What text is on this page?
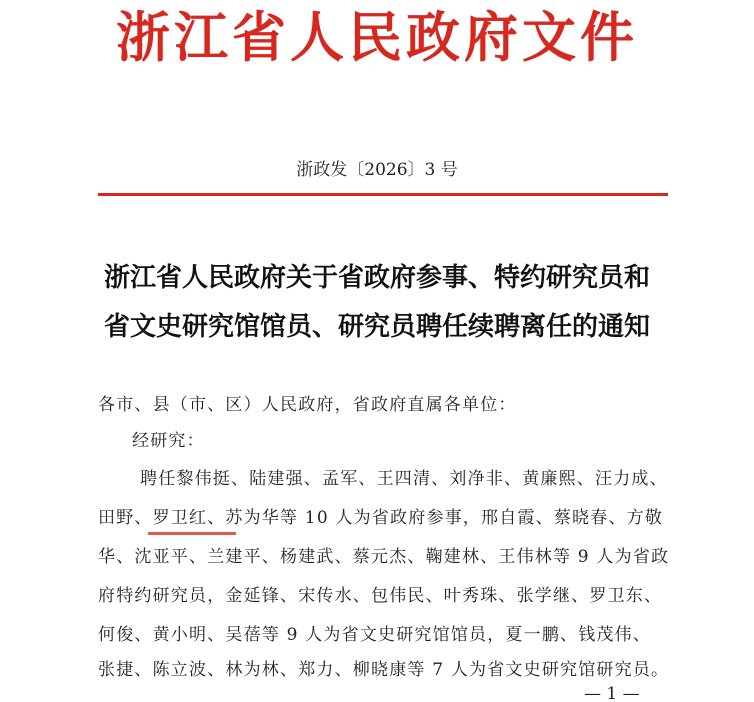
浙江省人民政府文件
浙政发〔2026〕3 号
浙江省人民政府关于省政府参事、特约研究员和
省文史研究馆馆员、研究员聘任续聘离任的通知
各市、县（市、区）人民政府，省政府直属各单位：
经研究：
聘任黎伟挺、陆建强、孟军、王四清、刘净非、黄廉熙、汪力成、
田野、罗卫红、苏为华等 10 人为省政府参事，邢自霞、蔡晓春、方敬
华、沈亚平、兰建平、杨建武、蔡元杰、鞠建林、王伟林等 9 人为省政
府特约研究员，金延锋、宋传水、包伟民、叶秀珠、张学继、罗卫东、
何俊、黄小明、吴蓓等 9 人为省文史研究馆馆员，夏一鹏、钱茂伟、
张捷、陈立波、林为林、郑力、柳晓康等 7 人为省文史研究馆研究员。
— 1 —
